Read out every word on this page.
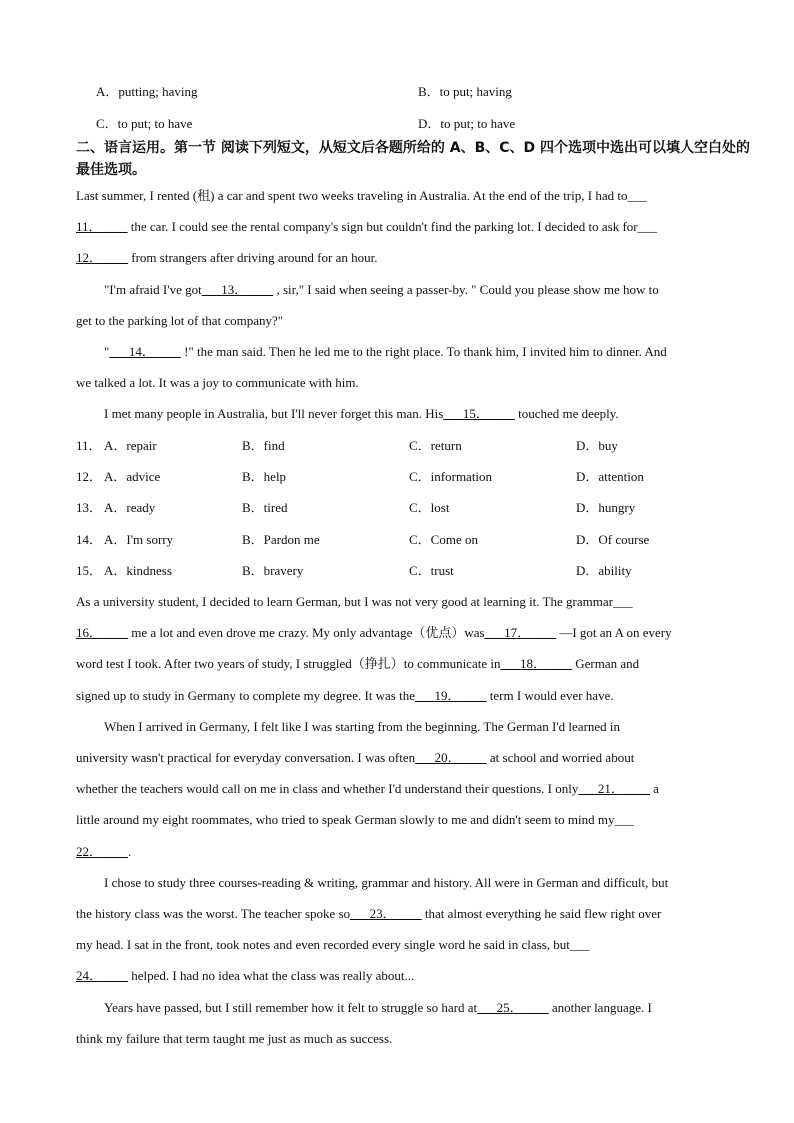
A．putting; having	B．to put; having
C．to put; to have	D．to put; to have
二、语言运用。第一节 阅读下列短文，从短文后各题所给的 A、B、C、D 四个选项中选出可以填人空白处的最佳选项。
Last summer, I rented (租) a car and spent two weeks traveling in Australia. At the end of the trip, I had to___
11．____ the car. I could see the rental company's sign but couldn't find the parking lot. I decided to ask for___
12．____ from strangers after driving around for an hour.
"I'm afraid I've got___13．____ , sir," I said when seeing a passer-by. " Could you please show me how to
get to the parking lot of that company?"
"___14．____ !" the man said. Then he led me to the right place. To thank him, I invited him to dinner. And
we talked a lot. It was a joy to communicate with him.
I met many people in Australia, but I'll never forget this man. His___15．____ touched me deeply.
11． A．repair	B．find	C．return	D．buy
12． A．advice	B．help	C．information	D．attention
13． A．ready	B．tired	C．lost	D．hungry
14． A．I'm sorry	B．Pardon me	C．Come on	D．Of course
15． A．kindness	B．bravery	C．trust	D．ability
As a university student, I decided to learn German, but I was not very good at learning it. The grammar___
16．____ me a lot and even drove me crazy. My only advantage（优点）was___17．____ —I got an A on every
word test I took. After two years of study, I struggled（挣扎）to communicate in___18．____ German and
signed up to study in Germany to complete my degree. It was the___19．____ term I would ever have.
When I arrived in Germany, I felt like I was starting from the beginning. The German I'd learned in
university wasn't practical for everyday conversation. I was often___20．____ at school and worried about
whether the teachers would call on me in class and whether I'd understand their questions. I only___21．____ a
little around my eight roommates, who tried to speak German slowly to me and didn't seem to mind my___
22．____.
I chose to study three courses-reading & writing, grammar and history. All were in German and difficult, but
the history class was the worst. The teacher spoke so___23．____ that almost everything he said flew right over
my head. I sat in the front, took notes and even recorded every single word he said in class, but___
24．____ helped. I had no idea what the class was really about...
Years have passed, but I still remember how it felt to struggle so hard at___25．____ another language. I
think my failure that term taught me just as much as success.
